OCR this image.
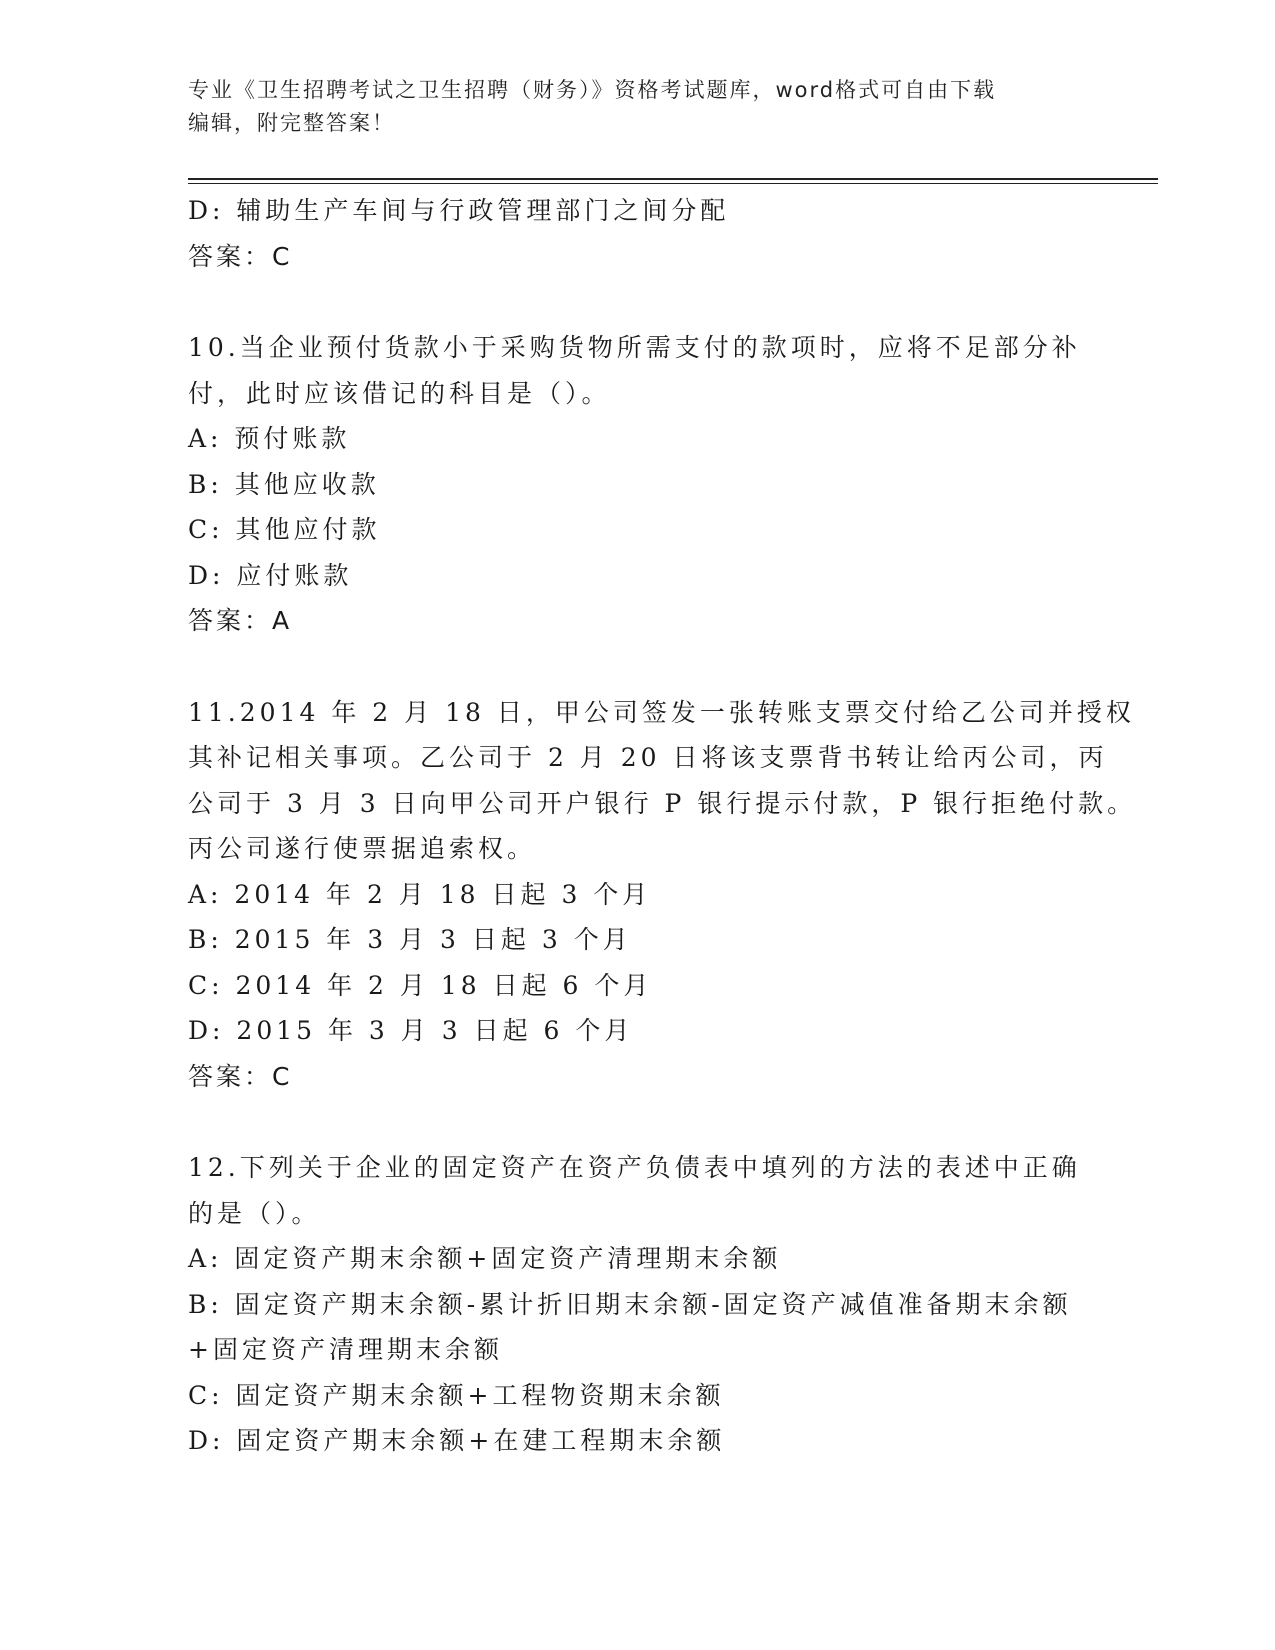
专业《卫生招聘考试之卫生招聘（财务）》资格考试题库，word格式可自由下载
编辑，附完整答案！
D: 辅助生产车间与行政管理部门之间分配
答案：C
10.当企业预付货款小于采购货物所需支付的款项时，应将不足部分补
付，此时应该借记的科目是（）。
A: 预付账款
B: 其他应收款
C: 其他应付款
D: 应付账款
答案：A
11.2014 年 2 月 18 日，甲公司签发一张转账支票交付给乙公司并授权
其补记相关事项。乙公司于 2 月 20 日将该支票背书转让给丙公司，丙
公司于 3 月 3 日向甲公司开户银行 P 银行提示付款，P 银行拒绝付款。
丙公司遂行使票据追索权。
A: 2014 年 2 月 18 日起 3 个月
B: 2015 年 3 月 3 日起 3 个月
C: 2014 年 2 月 18 日起 6 个月
D: 2015 年 3 月 3 日起 6 个月
答案：C
12.下列关于企业的固定资产在资产负债表中填列的方法的表述中正确
的是（）。
A: 固定资产期末余额+固定资产清理期末余额
B: 固定资产期末余额-累计折旧期末余额-固定资产减值准备期末余额
+固定资产清理期末余额
C: 固定资产期末余额+工程物资期末余额
D: 固定资产期末余额+在建工程期末余额
